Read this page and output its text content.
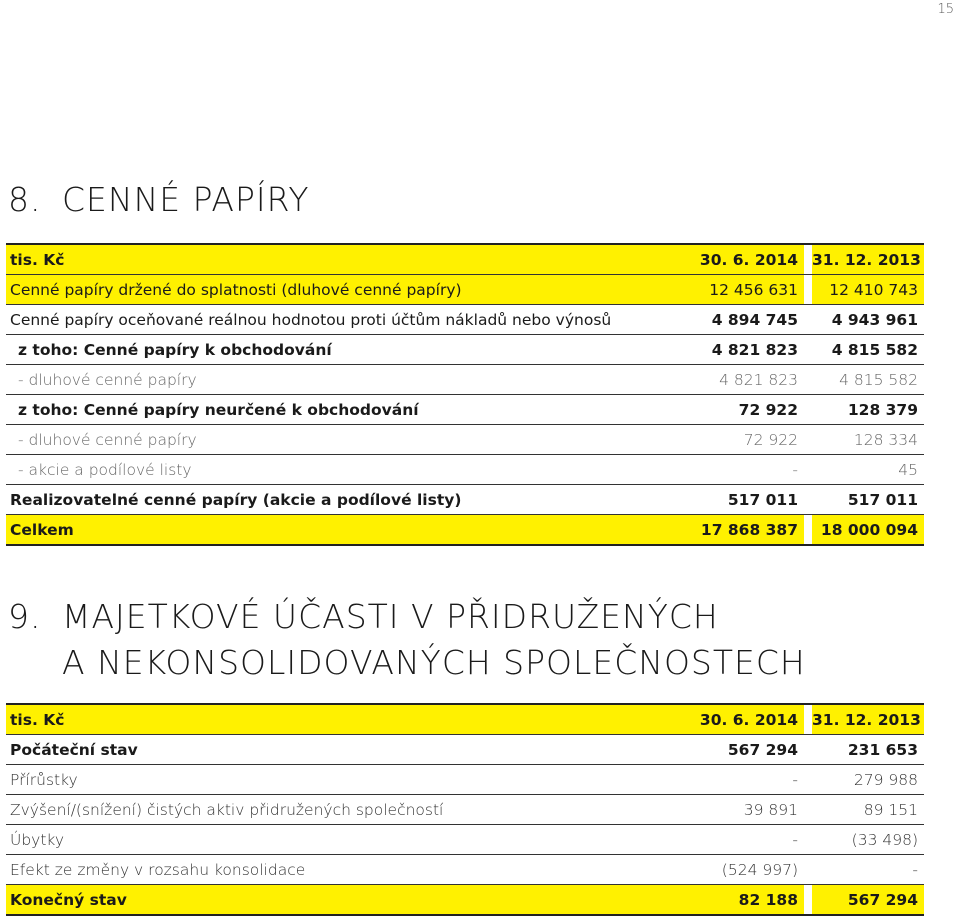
15
8. CENNÉ PAPÍRY
tis. Kč	30. 6. 2014		31. 12. 2013
Cenné papíry držené do splatnosti (dluhové cenné papíry)	12 456 631		12 410 743
Cenné papíry oceňované reálnou hodnotou proti účtům nákladů nebo výnosů	4 894 745		4 943 961
z toho: Cenné papíry k obchodování	4 821 823		4 815 582
- dluhové cenné papíry	4 821 823		4 815 582
z toho: Cenné papíry neurčené k obchodování	72 922		128 379
- dluhové cenné papíry	72 922		128 334
- akcie a podílové listy	-		45
Realizovatelné cenné papíry (akcie a podílové listy)	517 011		517 011
Celkem	17 868 387		18 000 094
9. MAJETKOVÉ ÚČASTI V PŘIDRUŽENÝCH
A NEKONSOLIDOVANÝCH SPOLEČNOSTECH
tis. Kč	30. 6. 2014		31. 12. 2013
Počáteční stav	567 294		231 653
Přírůstky	-		279 988
Zvýšení/(snížení) čistých aktiv přidružených společností	39 891		89 151
Úbytky	-		(33 498)
Efekt ze změny v rozsahu konsolidace	(524 997)		-
Konečný stav	82 188		567 294
